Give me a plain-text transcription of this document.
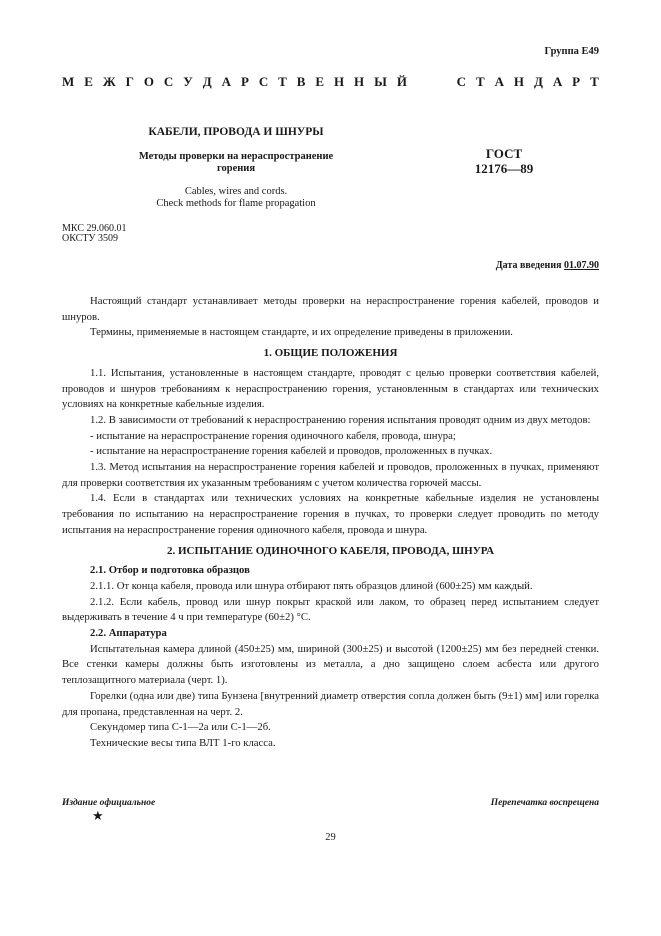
Группа Е49
М Е Ж Г О С У Д А Р С Т В Е Н Н Ы Й	С Т А Н Д А Р Т
КАБЕЛИ, ПРОВОДА И ШНУРЫ
Методы проверки на нераспространение
горения
Cables, wires and cords.
Check methods for flame propagation
ГОСТ
12176—89
МКС 29.060.01
ОКСТУ 3509
Дата введения 01.07.90

Настоящий стандарт устанавливает методы проверки на нераспространение горения кабелей, проводов и шнуров.

Термины, применяемые в настоящем стандарте, и их определение приведены в приложении.

1. ОБЩИЕ ПОЛОЖЕНИЯ

1.1. Испытания, установленные в настоящем стандарте, проводят с целью проверки соответствия кабелей, проводов и шнуров требованиям к нераспространению горения, установленным в стандартах или технических условиях на конкретные кабельные изделия.

1.2. В зависимости от требований к нераспространению горения испытания проводят одним из двух методов:

- испытание на нераспространение горения одиночного кабеля, провода, шнура;

- испытание на нераспространение горения кабелей и проводов, проложенных в пучках.

1.3. Метод испытания на нераспространение горения кабелей и проводов, проложенных в пучках, применяют для проверки соответствия их указанным требованиям с учетом количества горючей массы.

1.4. Если в стандартах или технических условиях на конкретные кабельные изделия не установлены требования по испытанию на нераспространение горения в пучках, то проверки следует проводить по методу испытания на нераспространение горения одиночного кабеля, провода и шнура.

2. ИСПЫТАНИЕ ОДИНОЧНОГО КАБЕЛЯ, ПРОВОДА, ШНУРА

2.1. Отбор и подготовка образцов

2.1.1. От конца кабеля, провода или шнура отбирают пять образцов длиной (600±25) мм каждый.

2.1.2. Если кабель, провод или шнур покрыт краской или лаком, то образец перед испытанием следует выдерживать в течение 4 ч при температуре (60±2) °С.

2.2. Аппаратура

Испытательная камера длиной (450±25) мм, шириной (300±25) и высотой (1200±25) мм без передней стенки. Все стенки камеры должны быть изготовлены из металла, а дно защищено слоем асбеста или другого теплозащитного материала (черт. 1).

Горелки (одна или две) типа Бунзена [внутренний диаметр отверстия сопла должен быть (9±1) мм] или горелка для пропана, представленная на черт. 2.

Секундомер типа С-1—2а или С-1—2б.

Технические весы типа ВЛТ 1-го класса.

Издание официальное	Перепечатка воспрещена
★
29
